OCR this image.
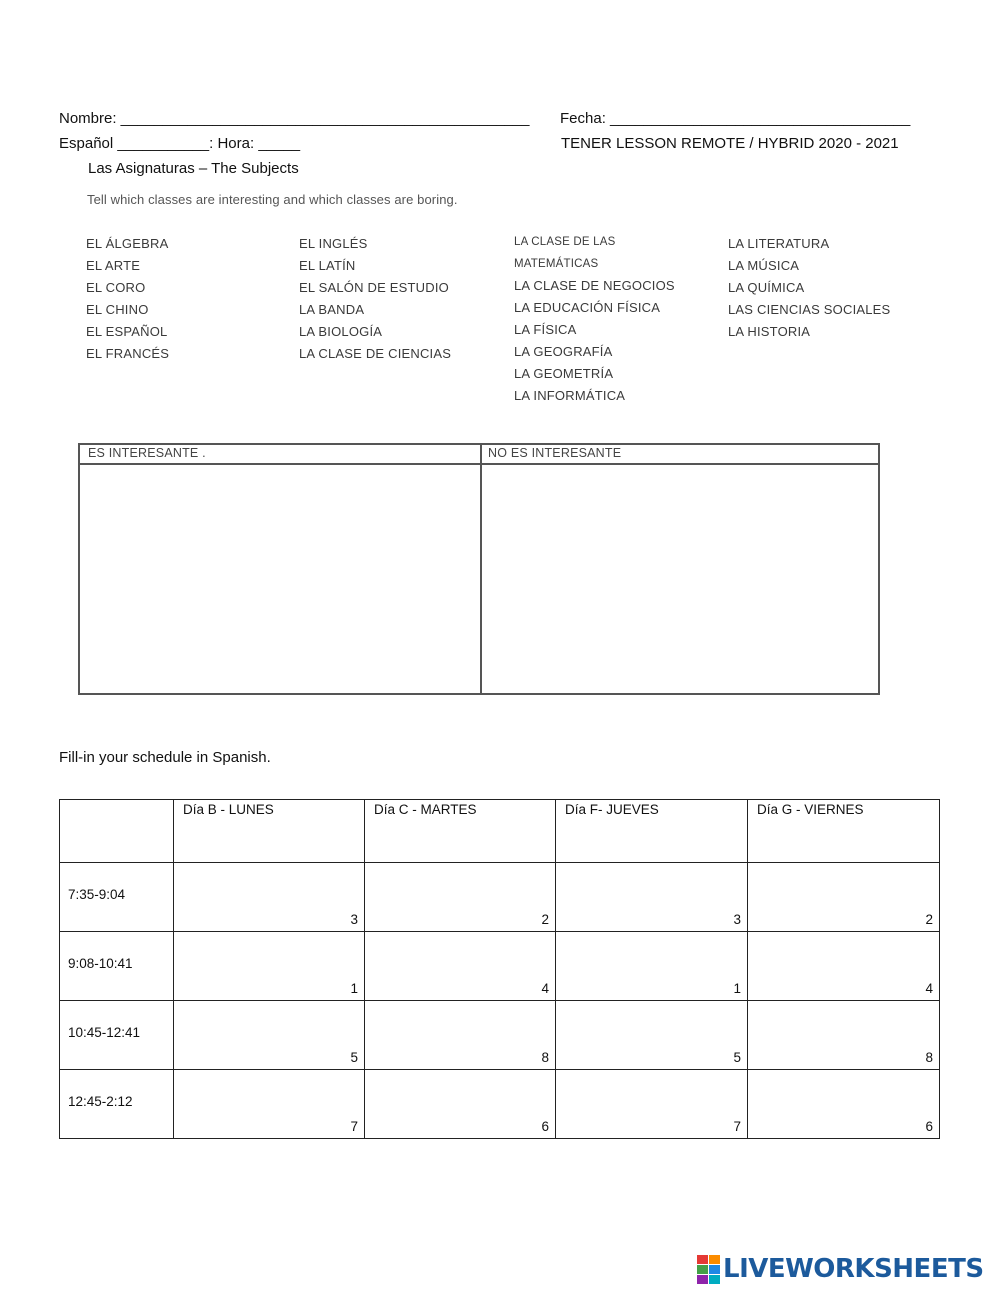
Nombre: _________________________________________________ Fecha: ____________________________________
Español ___________: Hora: _____	TENER LESSON REMOTE / HYBRID 2020 - 2021
Las Asignaturas – The Subjects
Tell which classes are interesting and which classes are boring.
EL ÁLGEBRA
EL ARTE
EL CORO
EL CHINO
EL ESPAÑOL
EL FRANCÉS
EL INGLÉS
EL LATÍN
EL SALÓN DE ESTUDIO
LA BANDA
LA BIOLOGÍA
LA CLASE DE CIENCIAS
LA CLASE DE LAS
MATEMÁTICAS
LA CLASE DE NEGOCIOS
LA EDUCACIÓN FÍSICA
LA FÍSICA
LA GEOGRAFÍA
LA GEOMETRÍA
LA INFORMÁTICA
LA LITERATURA
LA MÚSICA
LA QUÍMICA
LAS CIENCIAS SOCIALES
LA HISTORIA
ES INTERESANTE .	NO ES INTERESANTE
Fill-in your schedule in Spanish.

	Día B - LUNES	Día C - MARTES	Día F- JUEVES	Día G - VIERNES

7:35-9:04	3	2	3	2

9:08-10:41	1	4	1	4

10:45-12:41	5	8	5	8

12:45-2:12	7	6	7	6
LIVEWORKSHEETS
